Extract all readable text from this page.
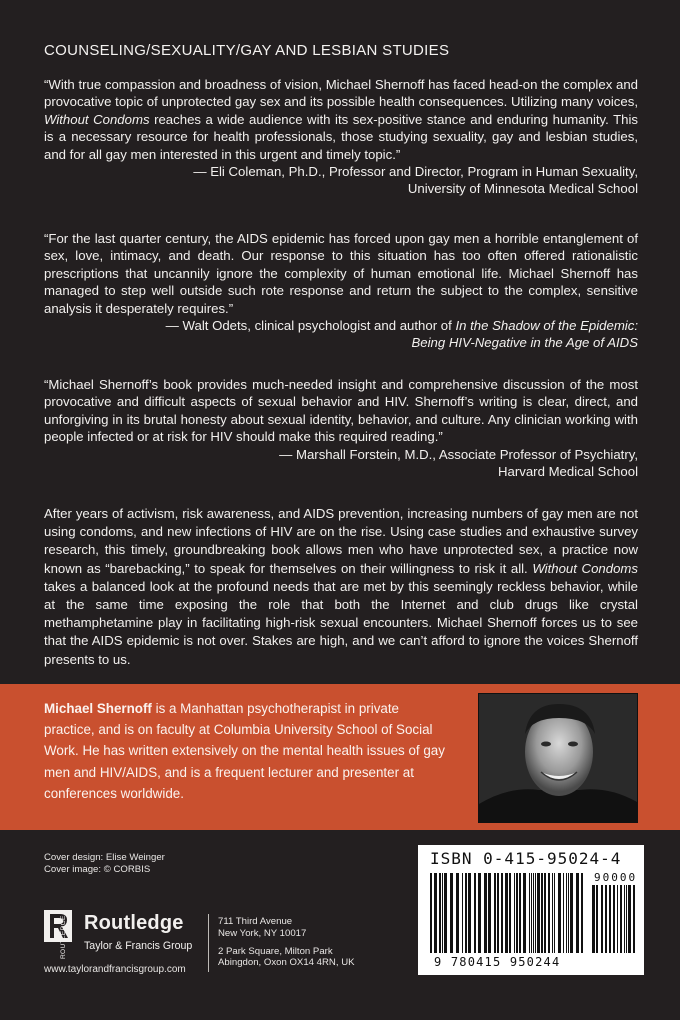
COUNSELING/SEXUALITY/GAY AND LESBIAN STUDIES

“With true compassion and broadness of vision, Michael Shernoff has faced head-on the complex and provocative topic of unprotected gay sex and its possible health consequences. Utilizing many voices, Without Condoms reaches a wide audience with its sex-positive stance and enduring humanity. This is a necessary resource for health professionals, those studying sexuality, gay and lesbian studies, and for all gay men interested in this urgent and timely topic.”

— Eli Coleman, Ph.D., Professor and Director, Program in Human Sexuality,
University of Minnesota Medical School

“For the last quarter century, the AIDS epidemic has forced upon gay men a horrible entanglement of sex, love, intimacy, and death. Our response to this situation has too often offered rationalistic prescriptions that uncannily ignore the complexity of human emotional life. Michael Shernoff has managed to step well outside such rote response and return the subject to the complex, sensitive analysis it desperately requires.”

— Walt Odets, clinical psychologist and author of In the Shadow of the Epidemic:
Being HIV-Negative in the Age of AIDS

“Michael Shernoff’s book provides much-needed insight and comprehensive discussion of the most provocative and difficult aspects of sexual behavior and HIV. Shernoff’s writing is clear, direct, and unforgiving in its brutal honesty about sexual identity, behavior, and culture. Any clinician working with people infected or at risk for HIV should make this required reading.”

— Marshall Forstein, M.D., Associate Professor of Psychiatry,
Harvard Medical School
After years of activism, risk awareness, and AIDS prevention, increasing numbers of gay men are not using condoms, and new infections of HIV are on the rise. Using case studies and exhaustive survey research, this timely, groundbreaking book allows men who have unprotected sex, a practice now known as “barebacking,” to speak for themselves on their willingness to risk it all. Without Condoms takes a balanced look at the profound needs that are met by this seemingly reckless behavior, while at the same time exposing the role that both the Internet and club drugs like crystal methamphetamine play in facilitating high-risk sexual encounters. Michael Shernoff forces us to see that the AIDS epidemic is not over. Stakes are high, and we can’t afford to ignore the voices Shernoff presents to us.
Michael Shernoff is a Manhattan psychotherapist in private practice, and is on faculty at Columbia University School of Social Work. He has written extensively on the mental health issues of gay men and HIV/AIDS, and is a frequent lecturer and presenter at conferences worldwide.
Cover design: Elise Weinger
Cover image: © CORBIS
ROUTLEDGE Routledge
Taylor & Francis Group
711 Third Avenue
New York, NY 10017
2 Park Square, Milton Park
Abingdon, Oxon OX14 4RN, UK
www.taylorandfrancisgroup.com
ISBN 0-415-95024-4
90000
9 780415 950244
